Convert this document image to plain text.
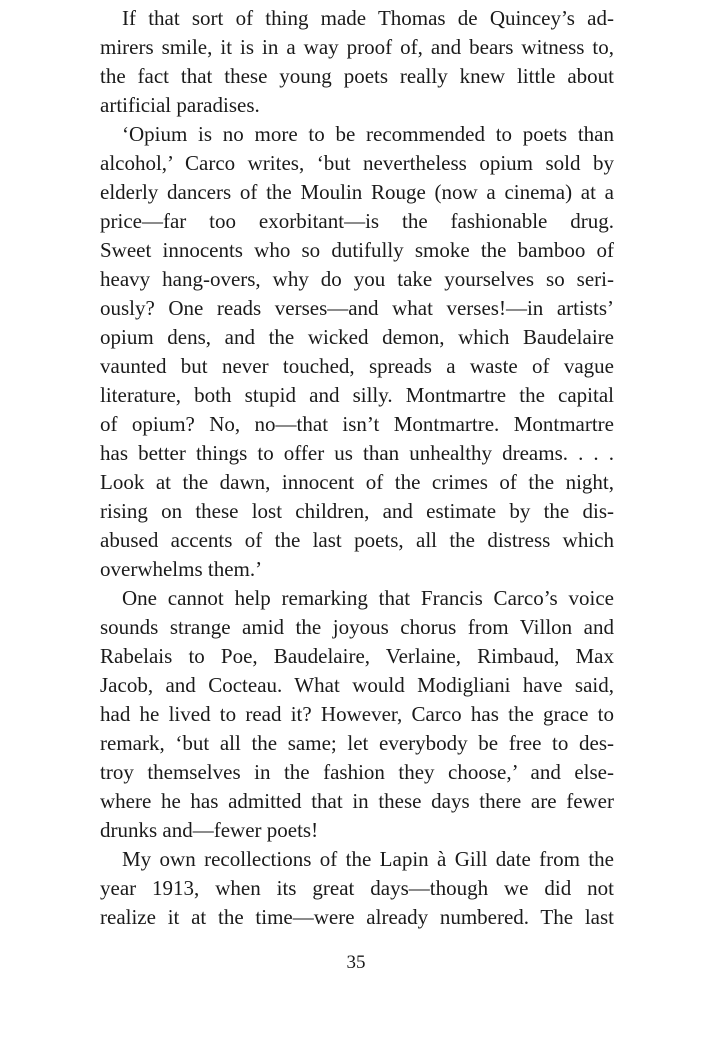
If that sort of thing made Thomas de Quincey’s ad-
mirers smile, it is in a way proof of, and bears witness to,
the fact that these young poets really knew little about
artificial paradises.
‘Opium is no more to be recommended to poets than
alcohol,’ Carco writes, ‘but nevertheless opium sold by
elderly dancers of the Moulin Rouge (now a cinema) at a
price—far too exorbitant—is the fashionable drug.
Sweet innocents who so dutifully smoke the bamboo of
heavy hang-overs, why do you take yourselves so seri-
ously? One reads verses—and what verses!—in artists’
opium dens, and the wicked demon, which Baudelaire
vaunted but never touched, spreads a waste of vague
literature, both stupid and silly. Montmartre the capital
of opium? No, no—that isn’t Montmartre. Montmartre
has better things to offer us than unhealthy dreams. . . .
Look at the dawn, innocent of the crimes of the night,
rising on these lost children, and estimate by the dis-
abused accents of the last poets, all the distress which
overwhelms them.’
One cannot help remarking that Francis Carco’s voice
sounds strange amid the joyous chorus from Villon and
Rabelais to Poe, Baudelaire, Verlaine, Rimbaud, Max
Jacob, and Cocteau. What would Modigliani have said,
had he lived to read it? However, Carco has the grace to
remark, ‘but all the same; let everybody be free to des-
troy themselves in the fashion they choose,’ and else-
where he has admitted that in these days there are fewer
drunks and—fewer poets!
My own recollections of the Lapin à Gill date from the
year 1913, when its great days—though we did not
realize it at the time—were already numbered. The last
35
